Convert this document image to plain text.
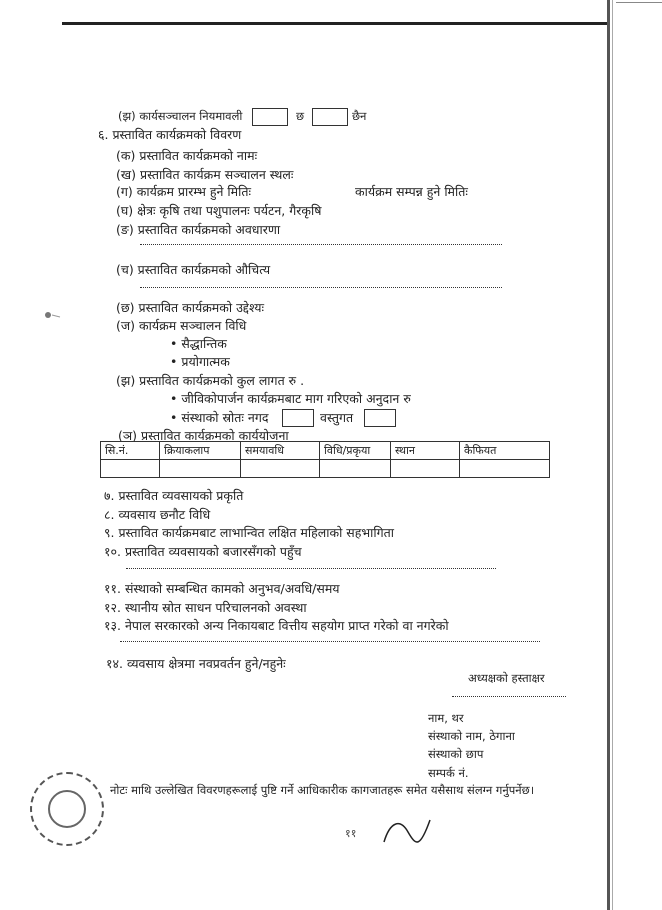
(झ) कार्यसञ्चालन नियमावली	छ	छैन
६. प्रस्तावित कार्यक्रमको विवरण
(क) प्रस्तावित कार्यक्रमको नामः
(ख) प्रस्तावित कार्यक्रम सञ्चालन स्थलः
(ग) कार्यक्रम प्रारम्भ हुने मितिः	कार्यक्रम सम्पन्न हुने मितिः
(घ) क्षेत्रः कृषि तथा पशुपालनः पर्यटन, गैरकृषि
(ङ) प्रस्तावित कार्यक्रमको अवधारणा
(च) प्रस्तावित कार्यक्रमको औचित्य
(छ) प्रस्तावित कार्यक्रमको उद्देश्यः
(ज) कार्यक्रम सञ्चालन विधि
• सैद्धान्तिक
• प्रयोगात्मक
(झ) प्रस्तावित कार्यक्रमको कुल लागत रु .
• जीविकोपार्जन कार्यक्रमबाट माग गरिएको अनुदान रु
• संस्थाको स्रोतः नगद	वस्तुगत
(ञ) प्रस्तावित कार्यक्रमको कार्ययोजना
सि.नं.	क्रियाकलाप	समयावधि	विधि/प्रकृया	स्थान	कैफियत

७. प्रस्तावित व्यवसायको प्रकृति
८. व्यवसाय छनौट विधि
९. प्रस्तावित कार्यक्रमबाट लाभान्वित लक्षित महिलाको सहभागिता
१०. प्रस्तावित व्यवसायको बजारसँगको पहुँच
११. संस्थाको सम्बन्धित कामको अनुभव/अवधि/समय
१२. स्थानीय स्रोत साधन परिचालनको अवस्था
१३. नेपाल सरकारको अन्य निकायबाट वित्तीय सहयोग प्राप्त गरेको वा नगरेको
१४. व्यवसाय क्षेत्रमा नवप्रवर्तन हुने/नहुनेः
अध्यक्षको हस्ताक्षर
नाम, थर
संस्थाको नाम, ठेगाना
संस्थाको छाप
सम्पर्क नं.
नोटः माथि उल्लेखित विवरणहरूलाई पुष्टि गर्ने आधिकारीक कागजातहरू समेत यसैसाथ संलग्न गर्नुपर्नेछ।
११
